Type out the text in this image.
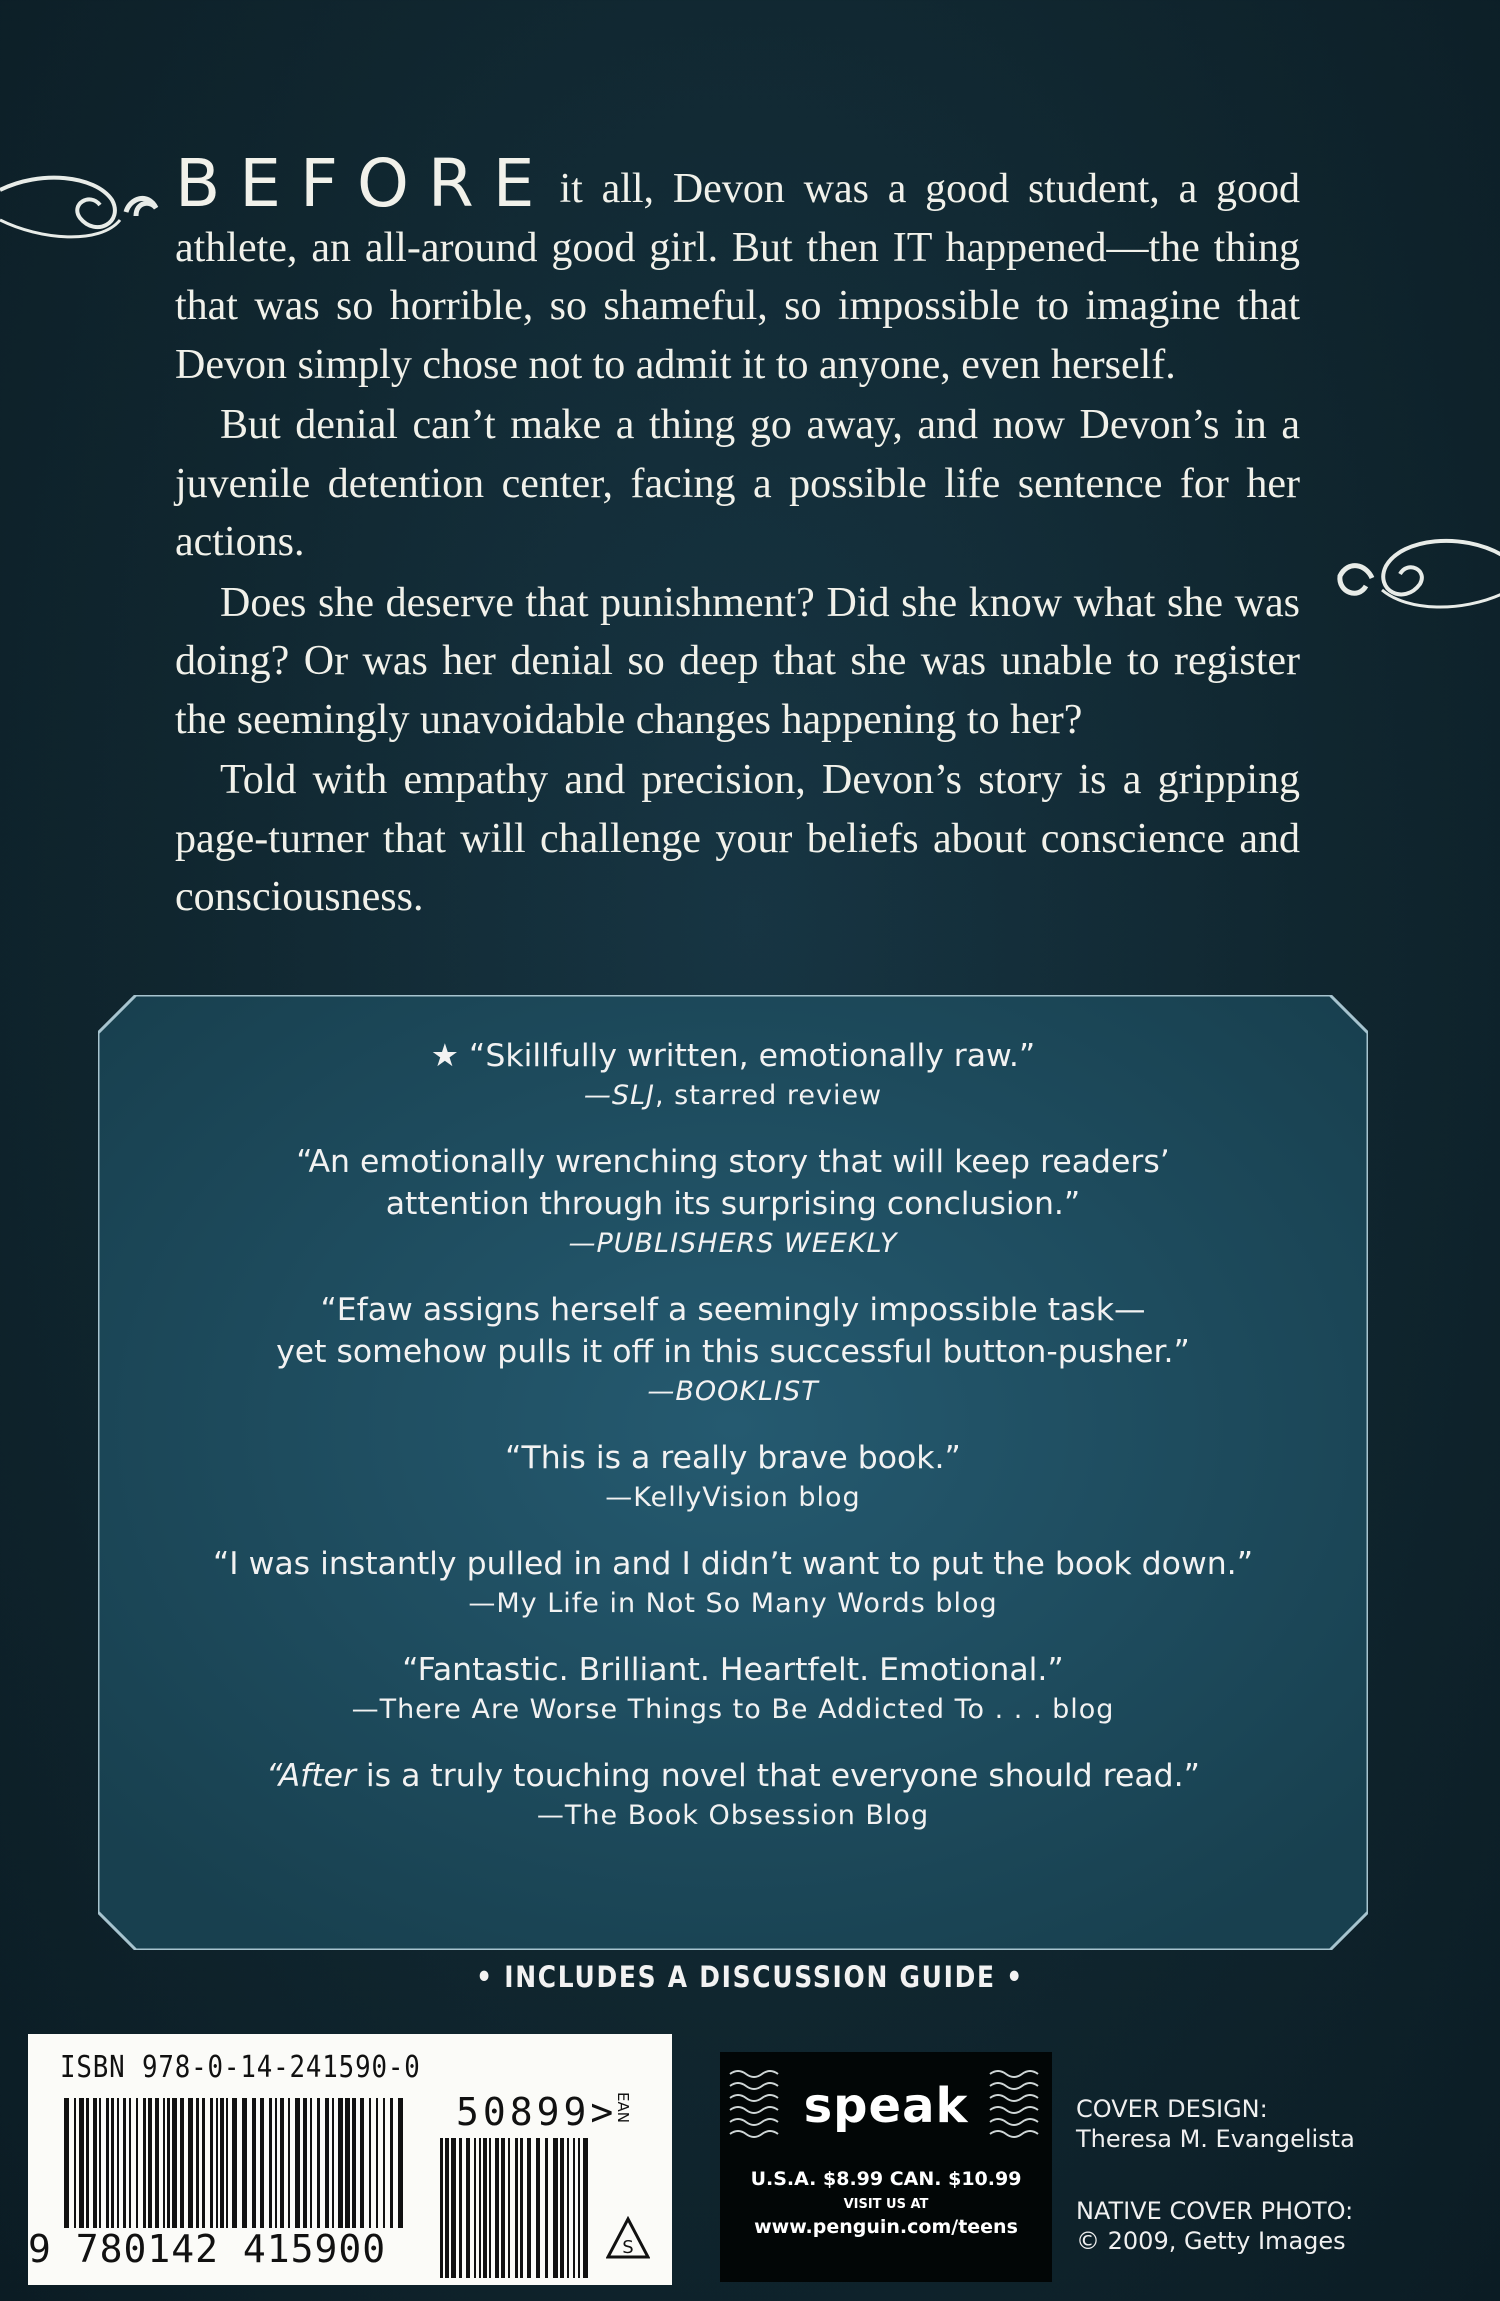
BEFORE it all, Devon was a good student, a good athlete, an all-around good girl. But then IT happened—the thing that was so horrible, so shameful, so impossible to imagine that Devon simply chose not to admit it to anyone, even herself.

But denial can’t make a thing go away, and now Devon’s in a juvenile detention center, facing a possible life sentence for her actions.

Does she deserve that punishment? Did she know what she was doing? Or was her denial so deep that she was unable to register the seemingly unavoidable changes happening to her?

Told with empathy and precision, Devon’s story is a gripping page-turner that will challenge your beliefs about conscience and consciousness.

★ “Skillfully written, emotionally raw.”
—SLJ, starred review
“An emotionally wrenching story that will keep readers’
attention through its surprising conclusion.”
—PUBLISHERS WEEKLY
“Efaw assigns herself a seemingly impossible task—
yet somehow pulls it off in this successful button-pusher.”
—BOOKLIST
“This is a really brave book.”
—KellyVision blog
“I was instantly pulled in and I didn’t want to put the book down.”
—My Life in Not So Many Words blog
“Fantastic. Brilliant. Heartfelt. Emotional.”
—There Are Worse Things to Be Addicted To . . . blog
“After is a truly touching novel that everyone should read.”
—The Book Obsession Blog
• INCLUDES A DISCUSSION GUIDE •
ISBN 978-0-14-241590-0
9 780142 415900
50899>
EAN
S
speak
U.S.A. $8.99 CAN. $10.99
VISIT US AT
www.penguin.com/teens
COVER DESIGN:
Theresa M. Evangelista
NATIVE COVER PHOTO:
© 2009, Getty Images
